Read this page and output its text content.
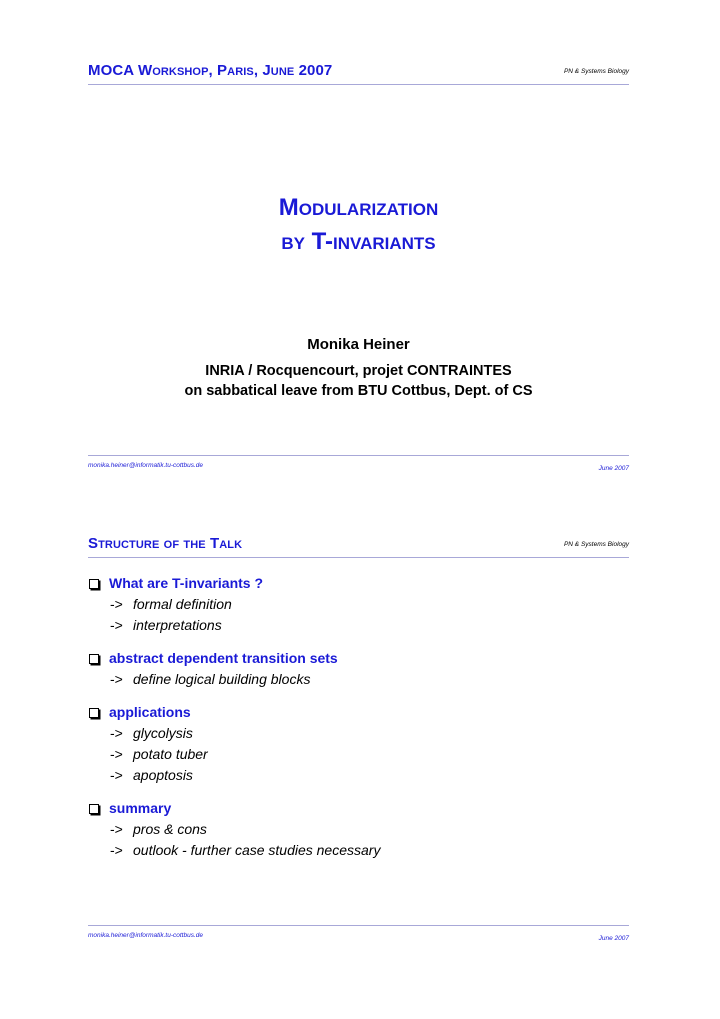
MOCA Workshop, Paris, June 2007	PN & Systems Biology
Modularization
by T-invariants
Monika Heiner
INRIA / Rocquencourt, projet CONTRAINTES
on sabbatical leave from BTU Cottbus, Dept. of CS
monika.heiner@informatik.tu-cottbus.de	June 2007
Structure of the Talk	PN & Systems Biology
What are T-invariants ?
-> formal definition
-> interpretations
abstract dependent transition sets
-> define logical building blocks
applications
-> glycolysis
-> potato tuber
-> apoptosis
summary
-> pros & cons
-> outlook - further case studies necessary
monika.heiner@informatik.tu-cottbus.de	June 2007
